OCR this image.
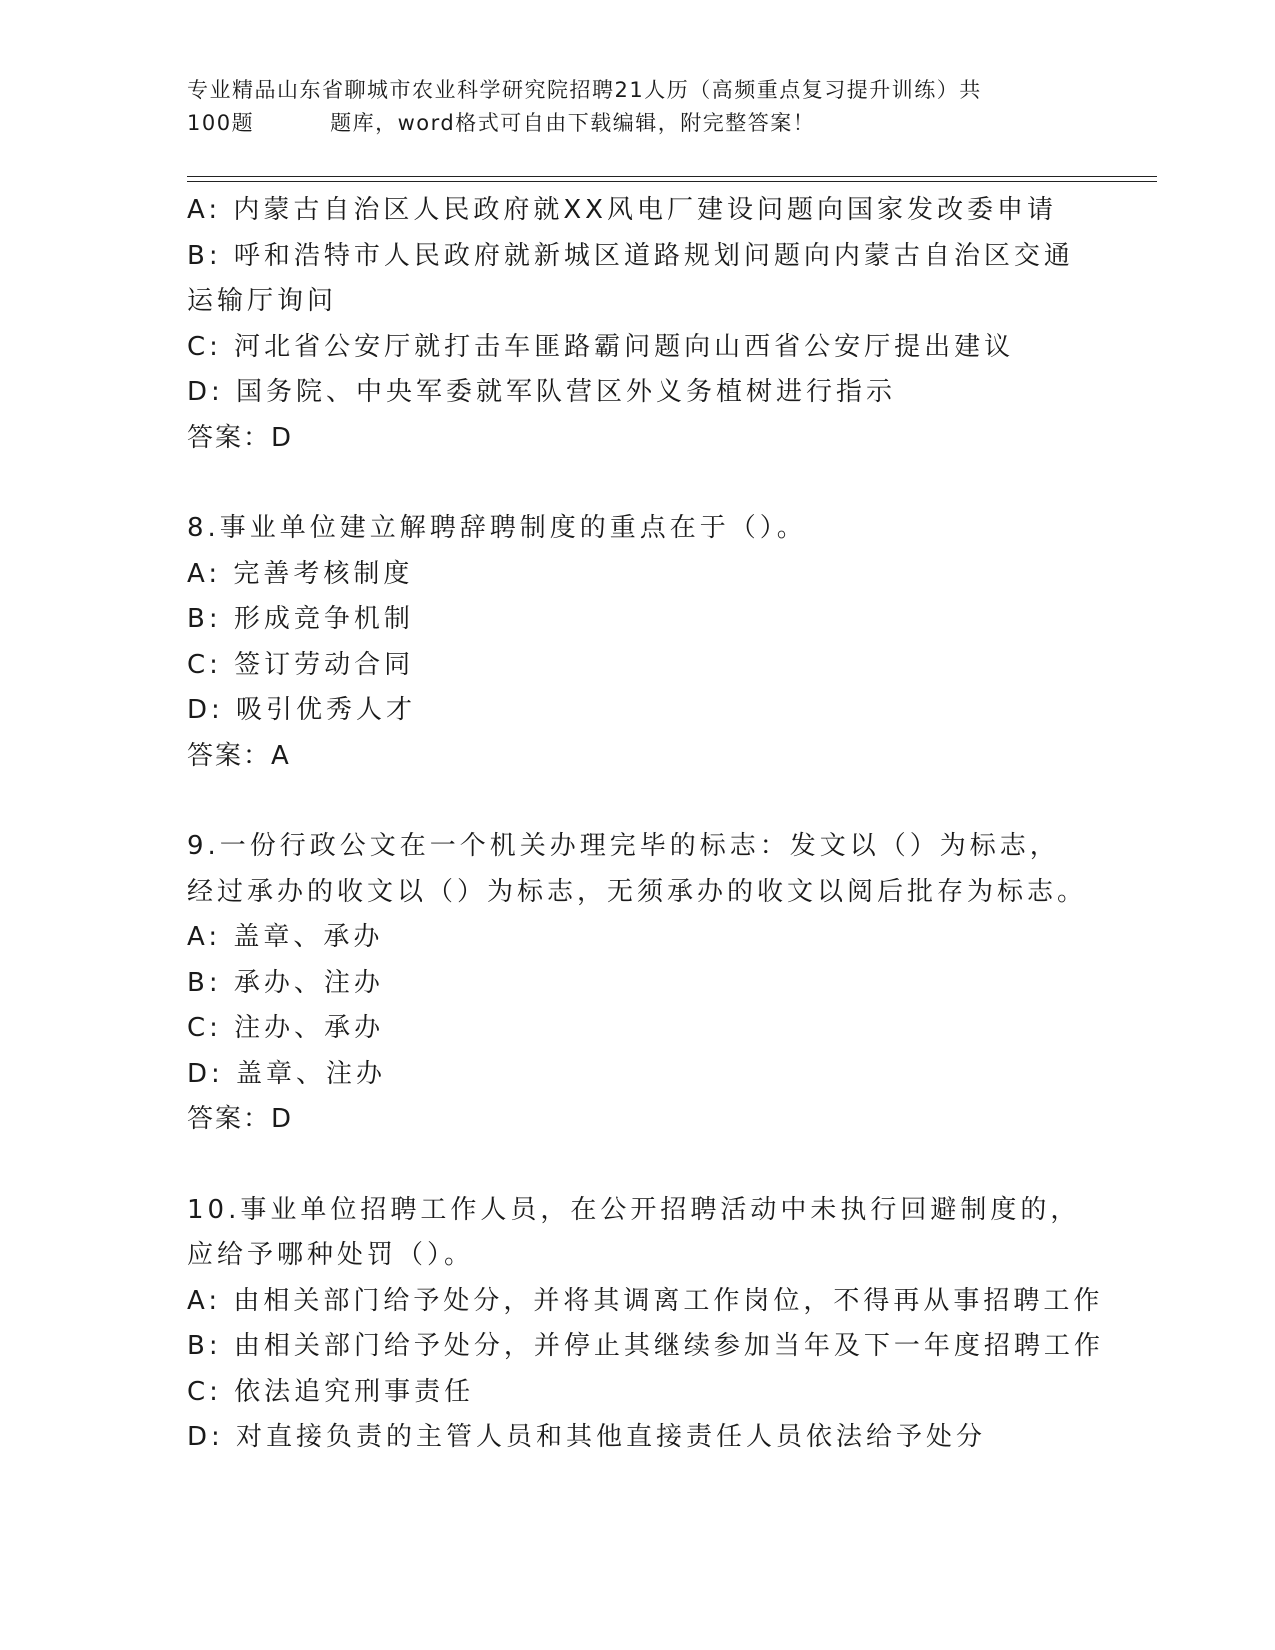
专业精品山东省聊城市农业科学研究院招聘21人历（高频重点复习提升训练）共
100题	题库，word格式可自由下载编辑，附完整答案！
A: 内蒙古自治区人民政府就XX风电厂建设问题向国家发改委申请
B: 呼和浩特市人民政府就新城区道路规划问题向内蒙古自治区交通运输厅询问
C: 河北省公安厅就打击车匪路霸问题向山西省公安厅提出建议
D: 国务院、中央军委就军队营区外义务植树进行指示
答案：D
8.事业单位建立解聘辞聘制度的重点在于（）。
A: 完善考核制度
B: 形成竞争机制
C: 签订劳动合同
D: 吸引优秀人才
答案：A
9.一份行政公文在一个机关办理完毕的标志：发文以（）为标志，经过承办的收文以（）为标志，无须承办的收文以阅后批存为标志。
A: 盖章、承办
B: 承办、注办
C: 注办、承办
D: 盖章、注办
答案：D
10.事业单位招聘工作人员，在公开招聘活动中未执行回避制度的，应给予哪种处罚（）。
A: 由相关部门给予处分，并将其调离工作岗位，不得再从事招聘工作
B: 由相关部门给予处分，并停止其继续参加当年及下一年度招聘工作
C: 依法追究刑事责任
D: 对直接负责的主管人员和其他直接责任人员依法给予处分
